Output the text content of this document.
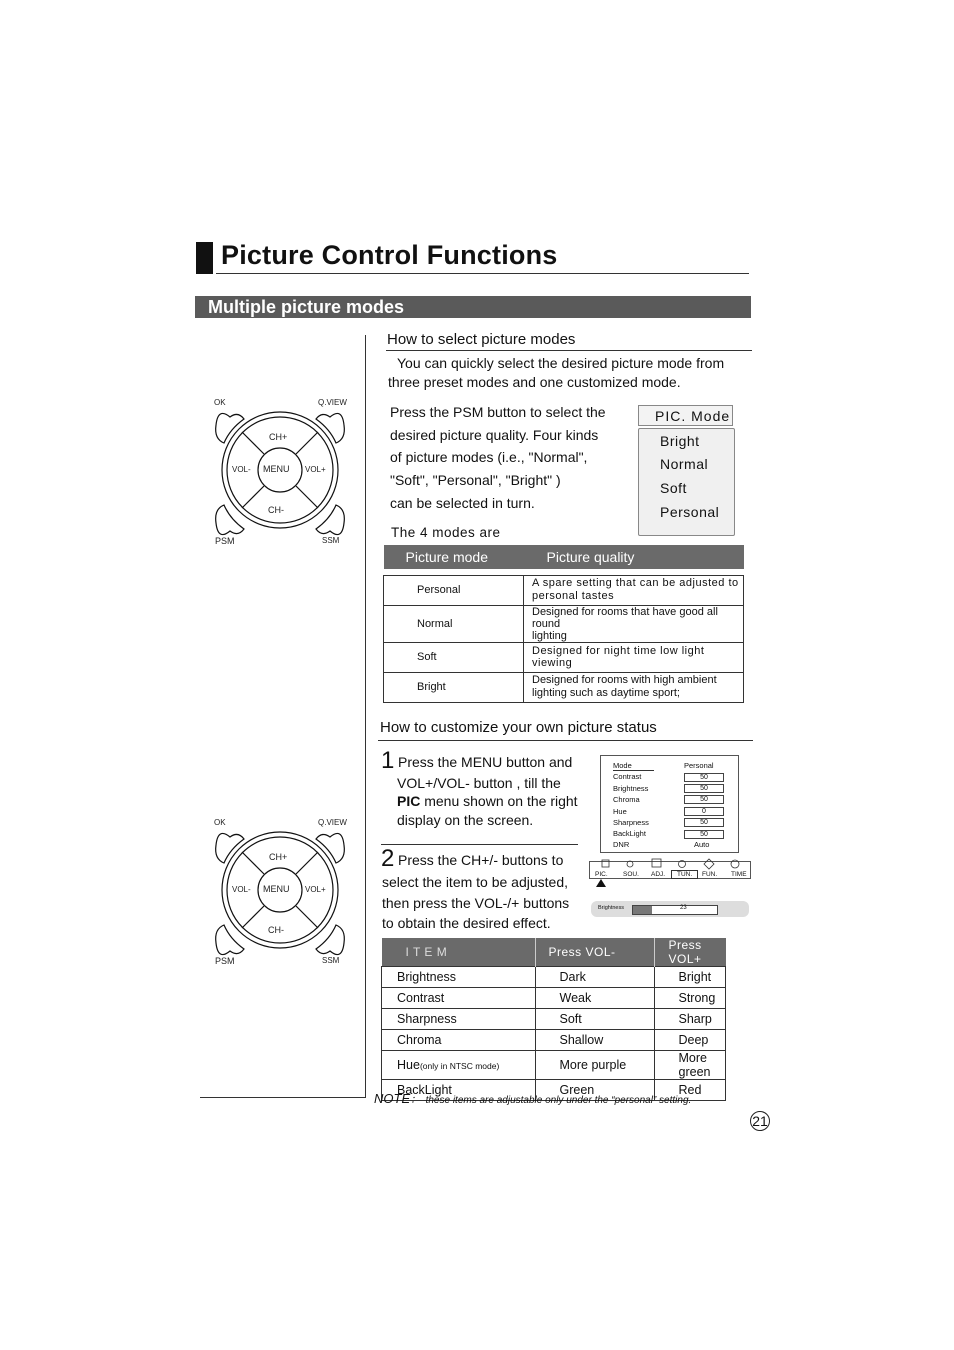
Picture Control Functions
Multiple picture modes
OK	Q.VIEW
CH+
VOL- MENU VOL+
CH-
PSM	SSM
OK	Q.VIEW
CH+
VOL- MENU VOL+
CH-
PSM	SSM
How to select picture modes
You can quickly select the desired picture mode from
three preset modes and one customized mode.
Press the PSM button to select the
desired picture quality. Four kinds
of picture modes (i.e., "Normal",
"Soft", "Personal", "Bright" )
can be selected in turn.
The 4 modes are
PIC. Mode
Bright
Normal
Soft
Personal
Picture mode	Picture quality

Personal	A spare setting that can be adjusted to
personal tastes
Normal	Designed for rooms that have good all round
lighting
Soft	Designed for night time low light viewing
Bright	Designed for rooms with high ambient
lighting such as daytime sport;
How to customize your own picture status
1 Press the MENU button and
VOL+/VOL- button , till the
PIC menu shown on the right
display on the screen.
2 Press the CH+/- buttons to
select the item to be adjusted,
then press the VOL-/+ buttons
to obtain the desired effect.
Mode	Personal
Contrast	50
Brightness	50
Chroma	50
Hue	0
Sharpness	50
BackLight	50
DNR	Auto
PIC. SOU. ADJ.	TUN.	FUN. TIME
Brightness	23
I T E M	Press VOL-	Press VOL+
Brightness	Dark	Bright
Contrast	Weak	Strong
Sharpness	Soft	Sharp
Chroma	Shallow	Deep
Hue(only in NTSC mode)	More purple	More green
BackLight	Green	Red
NOTE： these items are adjustable only under the “personal” setting.
21
